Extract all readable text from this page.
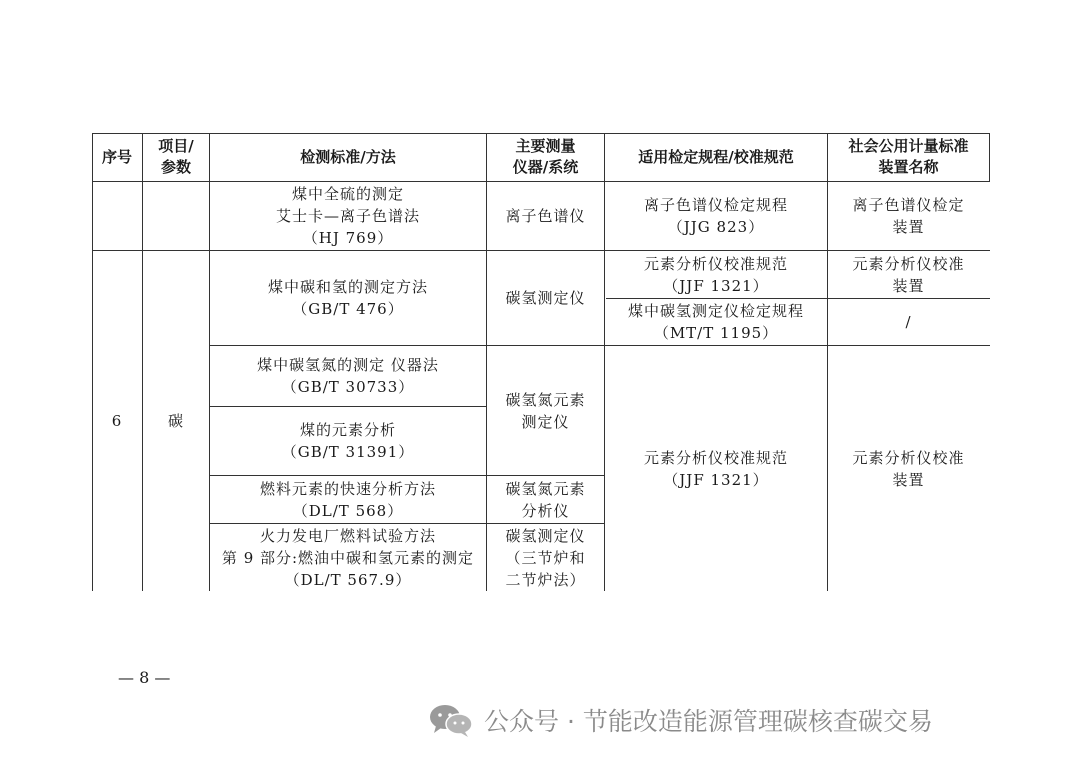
序号
项目/
参数
检测标准/方法
主要测量
仪器/系统
适用检定规程/校准规范
社会公用计量标准
装置名称
煤中全硫的测定
艾士卡—离子色谱法
（HJ 769）
离子色谱仪
离子色谱仪检定规程
（JJG 823）
离子色谱仪检定
装置
6	碳
煤中碳和氢的测定方法
（GB/T 476）
碳氢测定仪
元素分析仪校准规范
（JJF 1321）
元素分析仪校准
装置
煤中碳氢测定仪检定规程
（MT/T 1195）
/
煤中碳氢氮的测定 仪器法
（GB/T 30733）
煤的元素分析
（GB/T 31391）
碳氢氮元素
测定仪
燃料元素的快速分析方法
（DL/T 568）
碳氢氮元素
分析仪
火力发电厂燃料试验方法
第 9 部分:燃油中碳和氢元素的测定
（DL/T 567.9）
碳氢测定仪
（三节炉和
二节炉法）
元素分析仪校准规范
（JJF 1321）
元素分析仪校准
装置
— 8 —
公众号 · 节能改造能源管理碳核查碳交易
